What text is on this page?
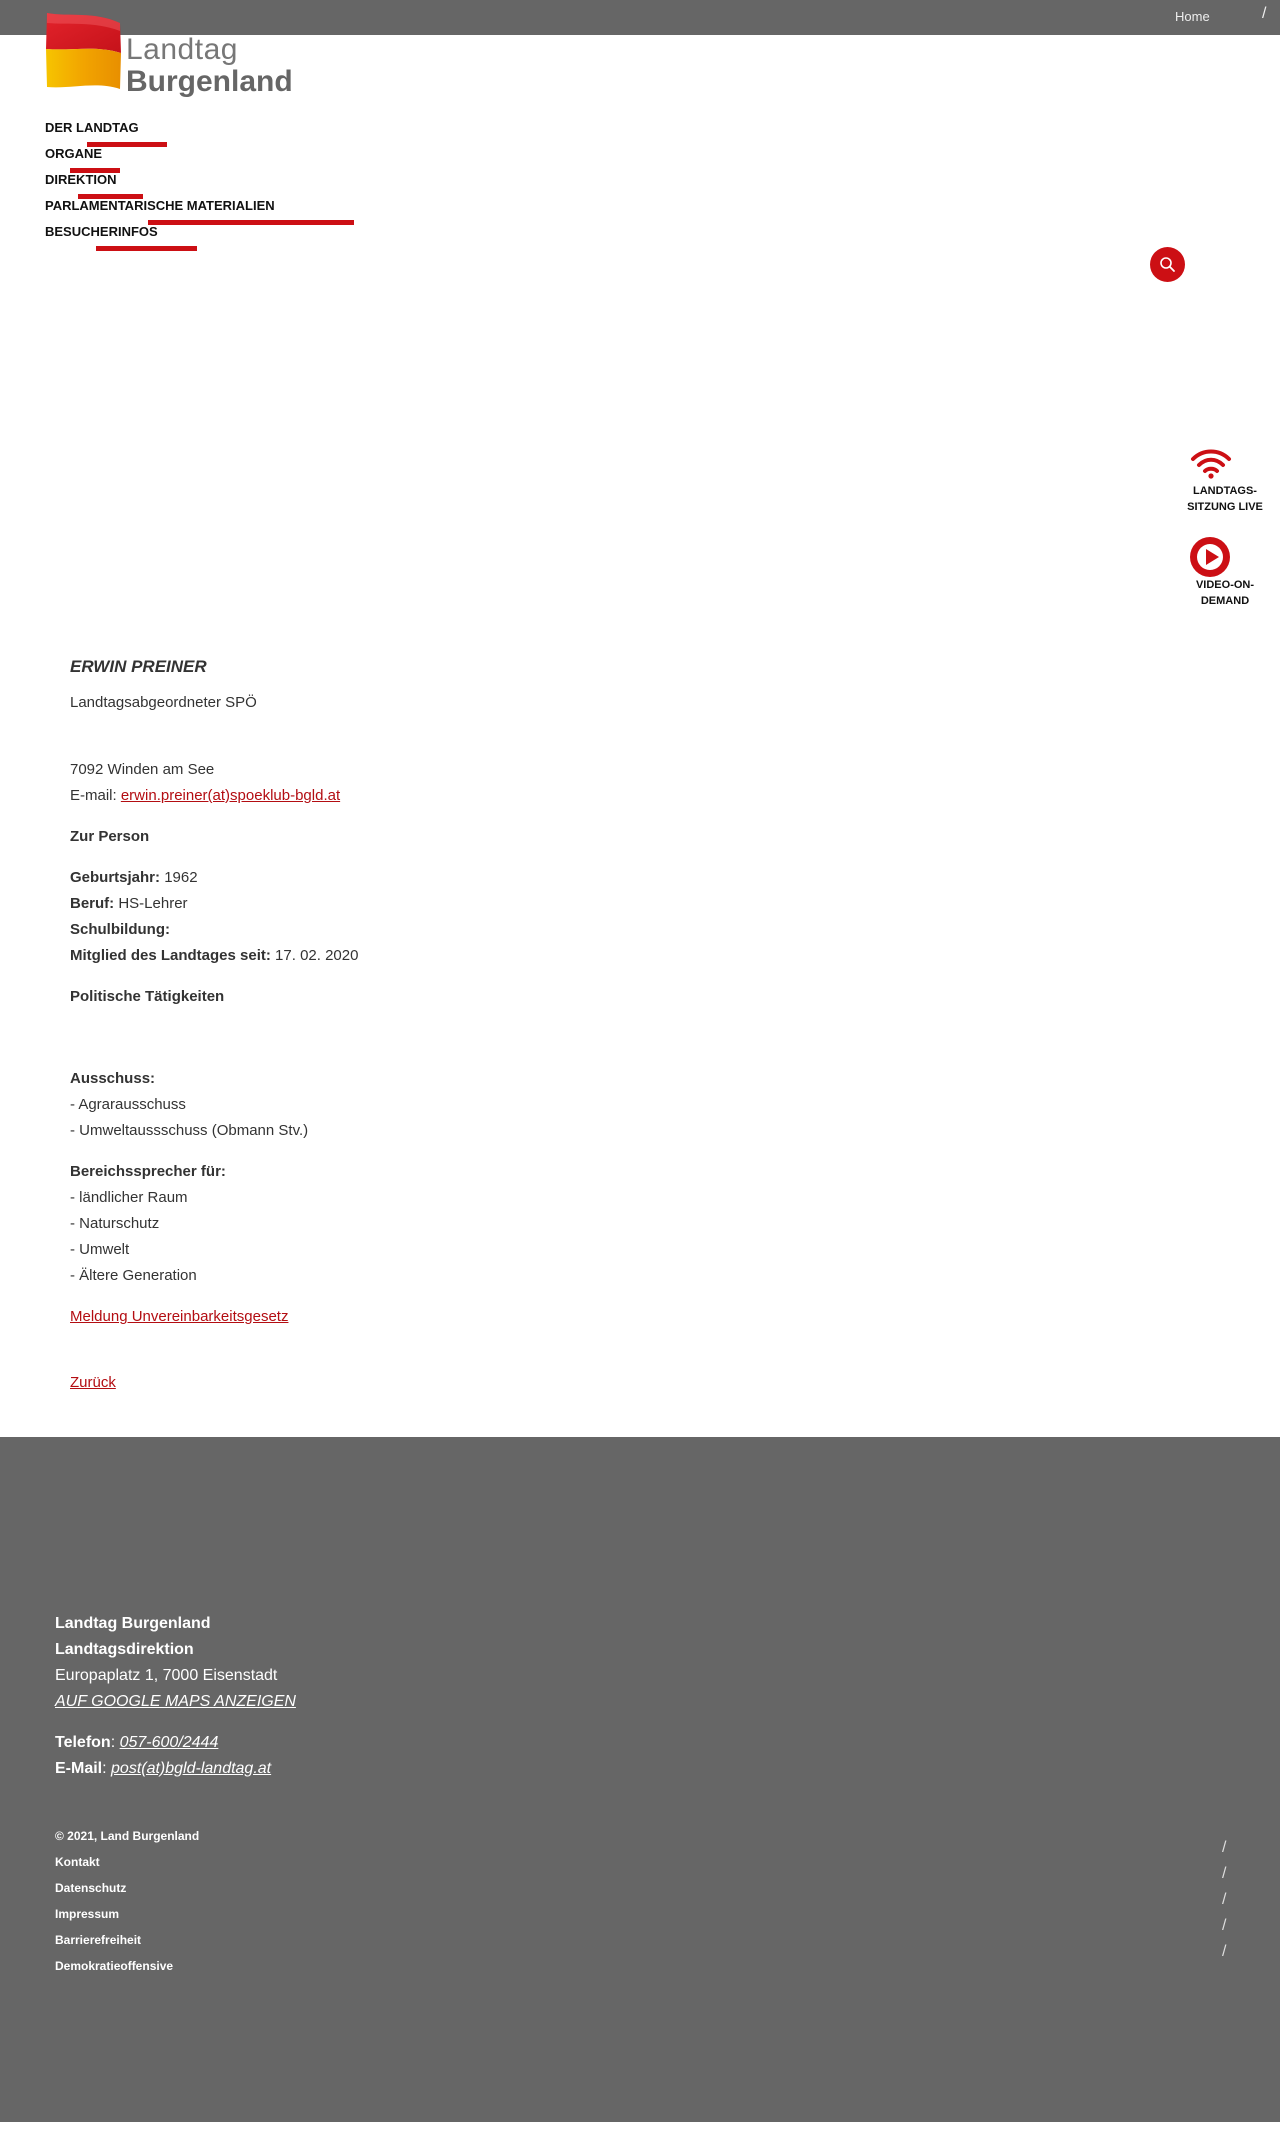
Home	/
Landtag
Burgenland
DER LANDTAG
ORGANE
DIREKTION
PARLAMENTARISCHE MATERIALIEN
BESUCHERINFOS
LANDTAGS-SITZUNG LIVE
VIDEO-ON-DEMAND
ERWIN PREINER

Landtagsabgeordneter SPÖ

7092 Winden am See

E-mail: erwin.preiner(at)spoeklub-bgld.at

Zur Person

Geburtsjahr: 1962

Beruf: HS-Lehrer

Schulbildung:

Mitglied des Landtages seit: 17. 02. 2020

Politische Tätigkeiten

Ausschuss:

- Agrarausschuss

- Umweltaussschuss (Obmann Stv.)

Bereichssprecher für:

- ländlicher Raum

- Naturschutz

- Umwelt

- Ältere Generation

Meldung Unvereinbarkeitsgesetz

Zurück

Landtag Burgenland
Landtagsdirektion
Europaplatz 1, 7000 Eisenstadt
AUF GOOGLE MAPS ANZEIGEN
Telefon: 057-600/2444
E-Mail: post(at)bgld-landtag.at
© 2021, Land Burgenland
Kontakt
Datenschutz
Impressum
Barrierefreiheit
Demokratieoffensive
/
/
/
/
/
